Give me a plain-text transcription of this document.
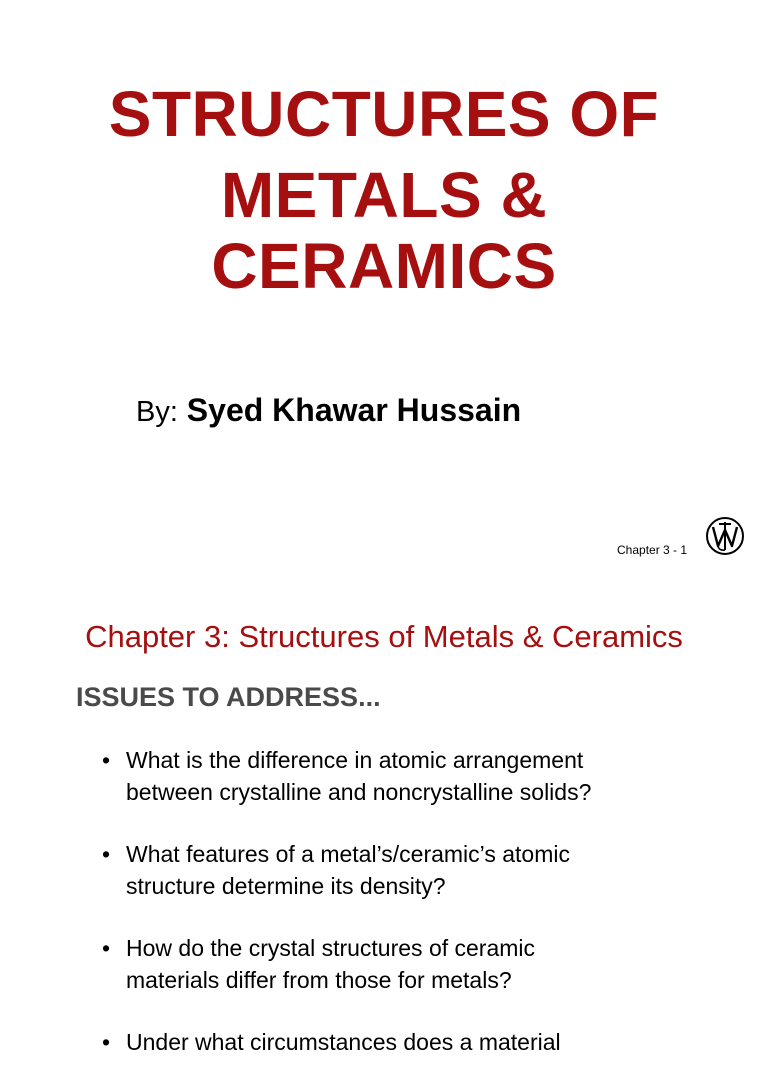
STRUCTURES OF
METALS &
CERAMICS
By: Syed Khawar Hussain
Chapter 3 - 1
Chapter 3: Structures of Metals & Ceramics
ISSUES TO ADDRESS...
• What is the difference in atomic arrangement
between crystalline and noncrystalline solids?
• What features of a metal’s/ceramic’s atomic
structure determine its density?
• How do the crystal structures of ceramic
materials differ from those for metals?
• Under what circumstances does a material
